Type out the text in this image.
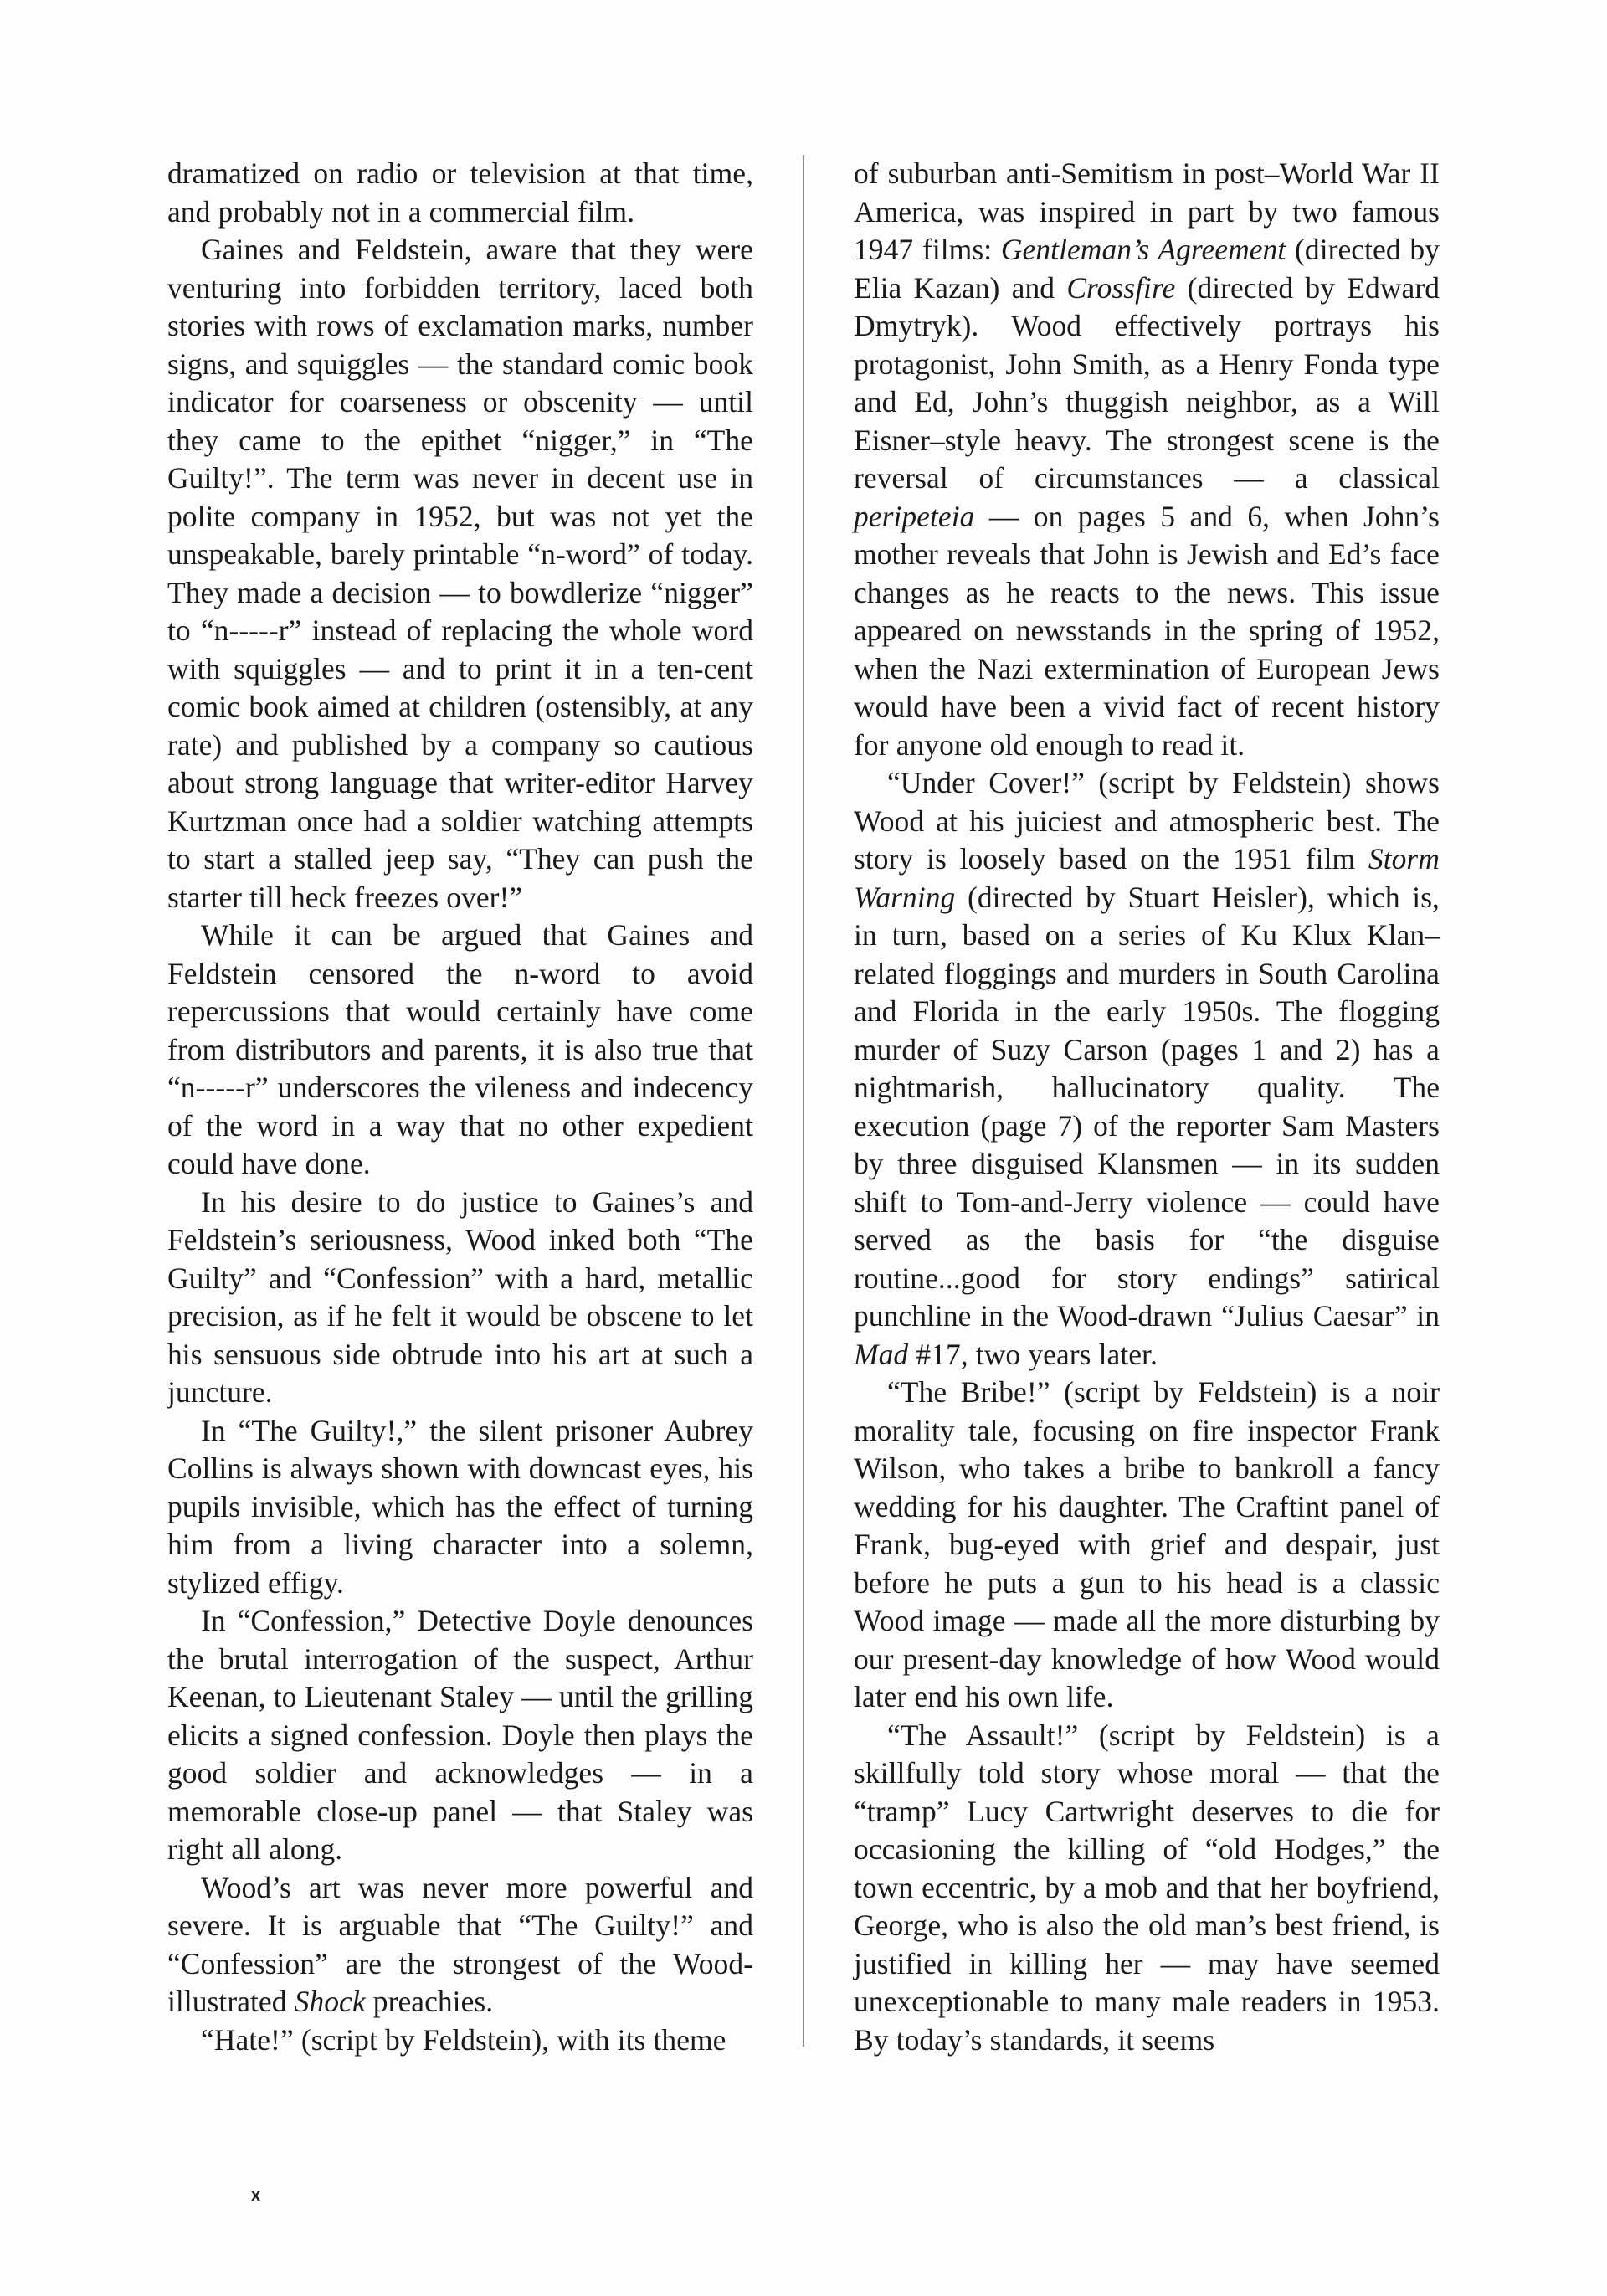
dramatized on radio or television at that time, and probably not in a commercial film.

Gaines and Feldstein, aware that they were venturing into forbidden territory, laced both stories with rows of exclamation marks, number signs, and squiggles — the standard comic book indicator for coarseness or obscenity — until they came to the epithet “nigger,” in “The Guilty!”. The term was never in decent use in polite company in 1952, but was not yet the unspeakable, barely printable “n-word” of today. They made a decision — to bowdlerize “nigger” to “n-----r” instead of replacing the whole word with squiggles — and to print it in a ten-cent comic book aimed at children (ostensibly, at any rate) and published by a company so cautious about strong language that writer-editor Harvey Kurtzman once had a soldier watching attempts to start a stalled jeep say, “They can push the starter till heck freezes over!”

While it can be argued that Gaines and Feldstein censored the n-word to avoid repercussions that would certainly have come from distributors and parents, it is also true that “n-----r” underscores the vileness and indecency of the word in a way that no other expedient could have done.

In his desire to do justice to Gaines’s and Feldstein’s seriousness, Wood inked both “The Guilty” and “Confession” with a hard, metallic precision, as if he felt it would be obscene to let his sensuous side obtrude into his art at such a juncture.

In “The Guilty!,” the silent prisoner Aubrey Collins is always shown with downcast eyes, his pupils invisible, which has the effect of turning him from a living character into a solemn, stylized effigy.

In “Confession,” Detective Doyle denounces the brutal interrogation of the suspect, Arthur Keenan, to Lieutenant Staley — until the grilling elicits a signed confession. Doyle then plays the good soldier and acknowledges — in a memorable close-up panel — that Staley was right all along.

Wood’s art was never more powerful and severe. It is arguable that “The Guilty!” and “Confession” are the strongest of the Wood-illustrated Shock preachies.

“Hate!” (script by Feldstein), with its theme

of suburban anti-Semitism in post–World War II America, was inspired in part by two famous 1947 films: Gentleman’s Agreement (directed by Elia Kazan) and Crossfire (directed by Edward Dmytryk). Wood effectively portrays his protagonist, John Smith, as a Henry Fonda type and Ed, John’s thuggish neighbor, as a Will Eisner–style heavy. The strongest scene is the reversal of circumstances — a classical peripeteia — on pages 5 and 6, when John’s mother reveals that John is Jewish and Ed’s face changes as he reacts to the news. This issue appeared on newsstands in the spring of 1952, when the Nazi extermination of European Jews would have been a vivid fact of recent history for anyone old enough to read it.

“Under Cover!” (script by Feldstein) shows Wood at his juiciest and atmospheric best. The story is loosely based on the 1951 film Storm Warning (directed by Stuart Heisler), which is, in turn, based on a series of Ku Klux Klan–related floggings and murders in South Carolina and Florida in the early 1950s. The flogging murder of Suzy Carson (pages 1 and 2) has a nightmarish, hallucinatory quality. The execution (page 7) of the reporter Sam Masters by three disguised Klansmen — in its sudden shift to Tom-and-Jerry violence — could have served as the basis for “the disguise routine...good for story endings” satirical punchline in the Wood-drawn “Julius Caesar” in Mad #17, two years later.

“The Bribe!” (script by Feldstein) is a noir morality tale, focusing on fire inspector Frank Wilson, who takes a bribe to bankroll a fancy wedding for his daughter. The Craftint panel of Frank, bug-eyed with grief and despair, just before he puts a gun to his head is a classic Wood image — made all the more disturbing by our present-day knowledge of how Wood would later end his own life.

“The Assault!” (script by Feldstein) is a skillfully told story whose moral — that the “tramp” Lucy Cartwright deserves to die for occasioning the killing of “old Hodges,” the town eccentric, by a mob and that her boyfriend, George, who is also the old man’s best friend, is justified in killing her — may have seemed unexceptionable to many male readers in 1953. By today’s standards, it seems

x
